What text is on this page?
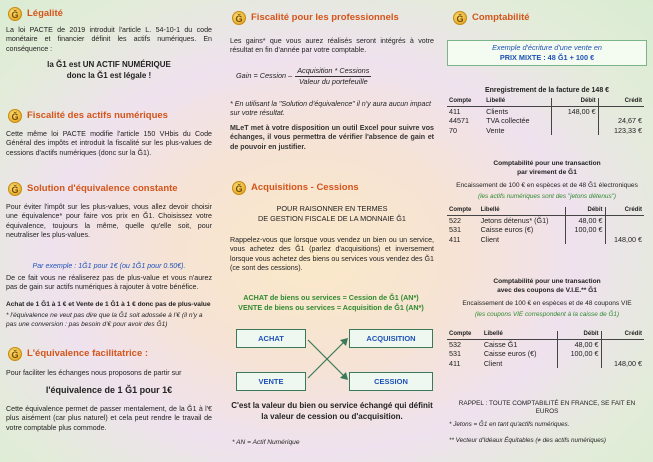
Ğ Légalité
La loi PACTE de 2019 introduit l'article L. 54-10-1 du code monétaire et financier définit les actifs numériques. En conséquence :
la Ğ1 est UN ACTIF NUMÉRIQUE
donc la Ğ1 est légale !
Ğ Fiscalité des actifs numériques
Cette même loi PACTE modifie l'article 150 VHbis du Code Général des impôts et introduit la fiscalité sur les plus-values de cessions d'actifs numériques (donc sur la Ğ1).
Ğ Solution d'équivalence constante
Pour éviter l'impôt sur les plus-values, vous allez devoir choisir une équivalence* pour faire vos prix en Ğ1. Choisissez votre équivalence, toujours la même, quelle qu'elle soit, pour neutraliser les plus-values.
Par exemple : 1Ğ1 pour 1€ (ou 1Ğ1 pour 0.50€).
De ce fait vous ne réaliserez pas de plus-value et vous n'aurez pas de gain sur actifs numériques à rajouter à votre bénéfice.
Achat de 1 Ğ1 à 1 € et Vente de 1 Ğ1 à 1 € donc pas de plus-value
* l'équivalence ne veut pas dire que la Ğ1 soit adossée à l'€ (il n'y a pas une conversion : pas besoin d'€ pour avoir des Ğ1)
Ğ L'équivalence facilitatrice :
Pour faciliter les échanges nous proposons de partir sur
l'équivalence de 1 Ğ1 pour 1€
Cette équivalence permet de passer mentalement, de la Ğ1 à l'€ plus aisément (car plus naturel) et cela peut rendre le travail de votre comptable plus commode.
Ğ Fiscalité pour les professionnels
Les gains* que vous aurez réalisés seront intégrés à votre résultat en fin d'année par votre comptable.
Gain = Cession – $\frac{\text{Acquisition * Cessions}}{\text{Valeur du portefeuille}}$
* En utilisant la "Solution d'équivalence" il n'y aura aucun impact sur votre résultat.
MLeT met à votre disposition un outil Excel pour suivre vos échanges, il vous permettra de vérifier l'absence de gain et de pouvoir en justifier.
Ğ Acquisitions - Cessions
POUR RAISONNER EN TERMES
DE GESTION FISCALE DE LA MONNAIE Ğ1
Rappelez-vous que lorsque vous vendez un bien ou un service, vous achetez des Ğ1 (parlez d'acquisitions) et inversement lorsque vous achetez des biens ou services vous vendez des Ğ1 (ce sont des cessions).
ACHAT de biens ou services = Cession de Ğ1 (AN*)
VENTE de biens ou services = Acquisition de Ğ1 (AN*)
ACHAT	ACQUISITION
VENTE	CESSION
C'est la valeur du bien ou service échangé qui définit la valeur de cession ou d'acquisition.
* AN = Actif Numérique
Ğ Comptabilité
Exemple d'écriture d'une vente en
PRIX MIXTE : 48 Ğ1 + 100 €
Enregistrement de la facture de 148 €
Compte	Libellé	Débit	Crédit
411	Clients	148,00 €	
44571	TVA collectée		24,67 €
70	Vente		123,33 €
Comptabilité pour une transaction
par virement de Ğ1
Encaissement de 100 € en espèces et de 48 Ğ1 électroniques
(les actifs numériques sont des "jetons détenus")
Compte	Libellé	Débit	Crédit
522	Jetons détenus* (Ğ1)	48,00 €	
531	Caisse euros (€)	100,00 €	
411	Client		148,00 €
Comptabilité pour une transaction
avec des coupons de V.I.E.** Ğ1
Encaissement de 100 € en espèces et de 48 coupons VIE
(les coupons VIE correspondent à la caisse de Ğ1)
Compte	Libellé	Débit	Crédit
532	Caisse Ğ1	48,00 €	
531	Caisse euros (€)	100,00 €	
411	Client		148,00 €
RAPPEL : TOUTE COMPTABILITÉ EN FRANCE, SE FAIT EN EUROS
* Jetons = Ğ1 en tant qu'actifs numériques.
** Vecteur d'Idéaux Équitables (≠ des actifs numériques)
